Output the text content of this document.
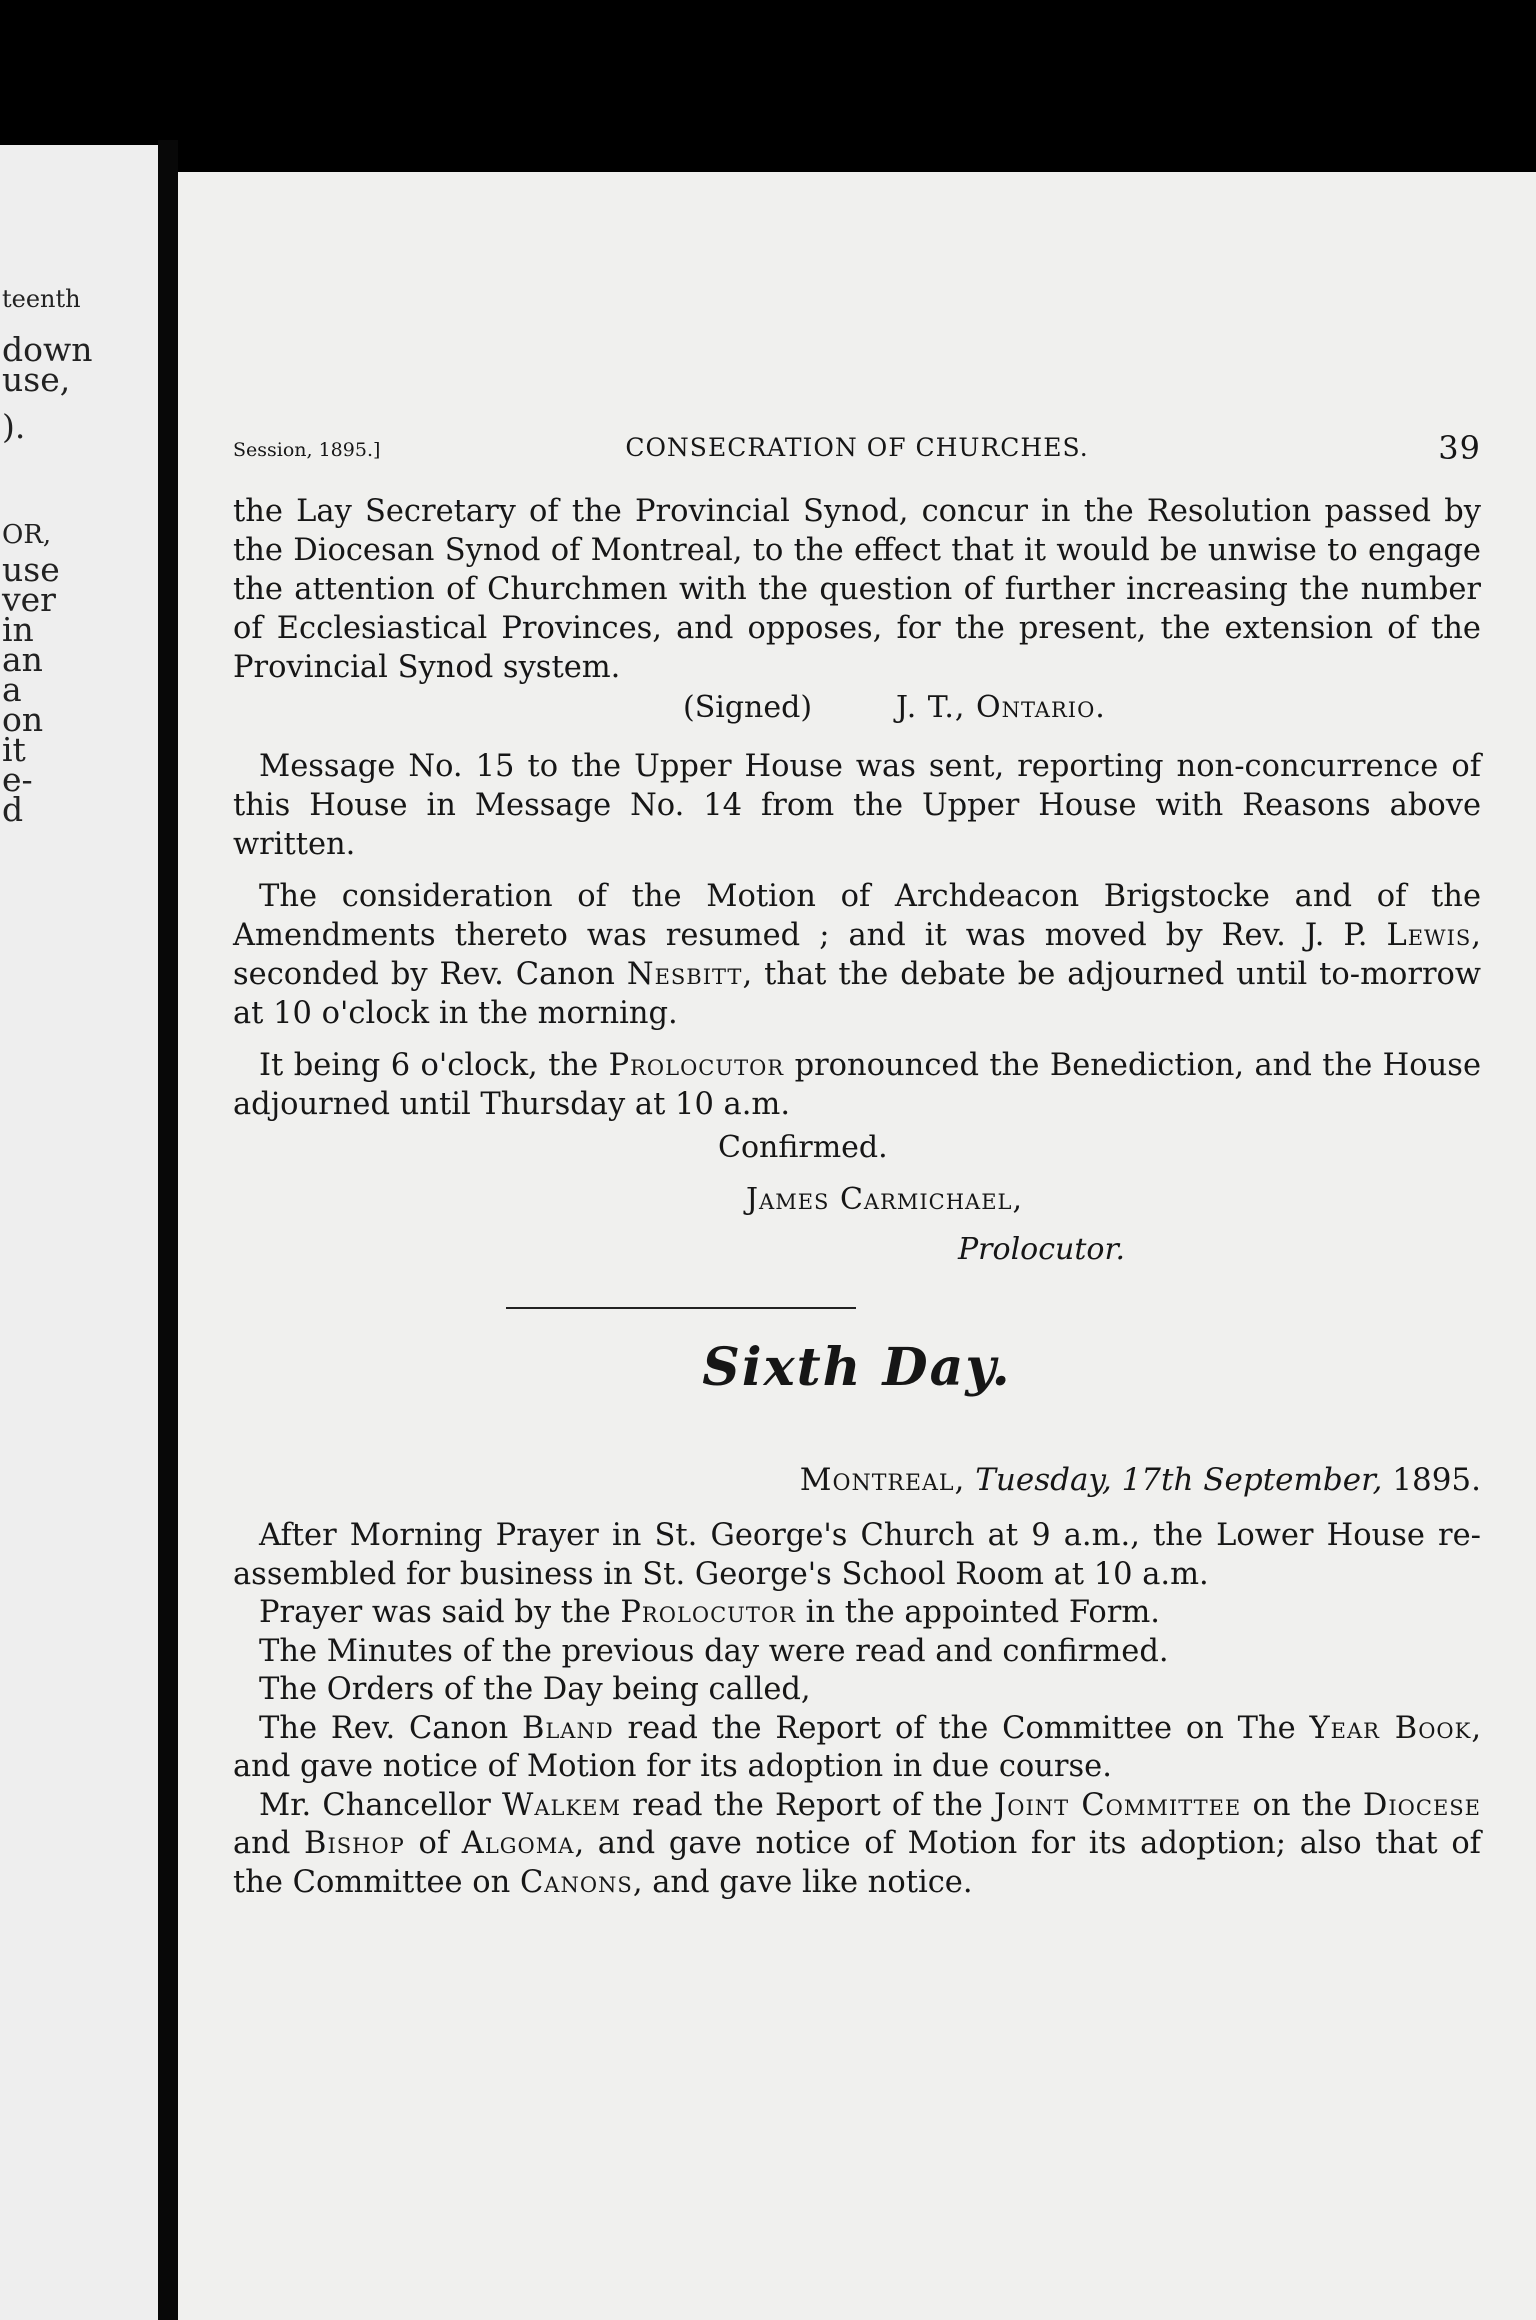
teenth
down
use,
).
OR,
use
ver
in
an
a
on
it
e-
d
Session, 1895.]	CONSECRATION OF CHURCHES.	39

the Lay Secretary of the Provincial Synod, concur in the Resolution passed by the Diocesan Synod of Montreal, to the effect that it would be unwise to engage the attention of Churchmen with the question of further increasing the number of Ecclesiastical Provinces, and opposes, for the present, the extension of the Provincial Synod system.

(Signed)	J. T., Ontario.

Message No. 15 to the Upper House was sent, reporting non-concurrence of this House in Message No. 14 from the Upper House with Reasons above written.

The consideration of the Motion of Archdeacon Brigstocke and of the Amendments thereto was resumed ; and it was moved by Rev. J. P. Lewis, seconded by Rev. Canon Nesbitt, that the debate be adjourned until to-morrow at 10 o'clock in the morning.

It being 6 o'clock, the Prolocutor pronounced the Benediction, and the House adjourned until Thursday at 10 a.m.

Confirmed.
James Carmichael,
Prolocutor.
Sixth Day.
Montreal, Tuesday, 17th September, 1895.

After Morning Prayer in St. George's Church at 9 a.m., the Lower House re-assembled for business in St. George's School Room at 10 a.m.

Prayer was said by the Prolocutor in the appointed Form.

The Minutes of the previous day were read and confirmed.

The Orders of the Day being called,

The Rev. Canon Bland read the Report of the Committee on The Year Book, and gave notice of Motion for its adoption in due course.

Mr. Chancellor Walkem read the Report of the Joint Committee on the Diocese and Bishop of Algoma, and gave notice of Motion for its adoption; also that of the Committee on Canons, and gave like notice.
